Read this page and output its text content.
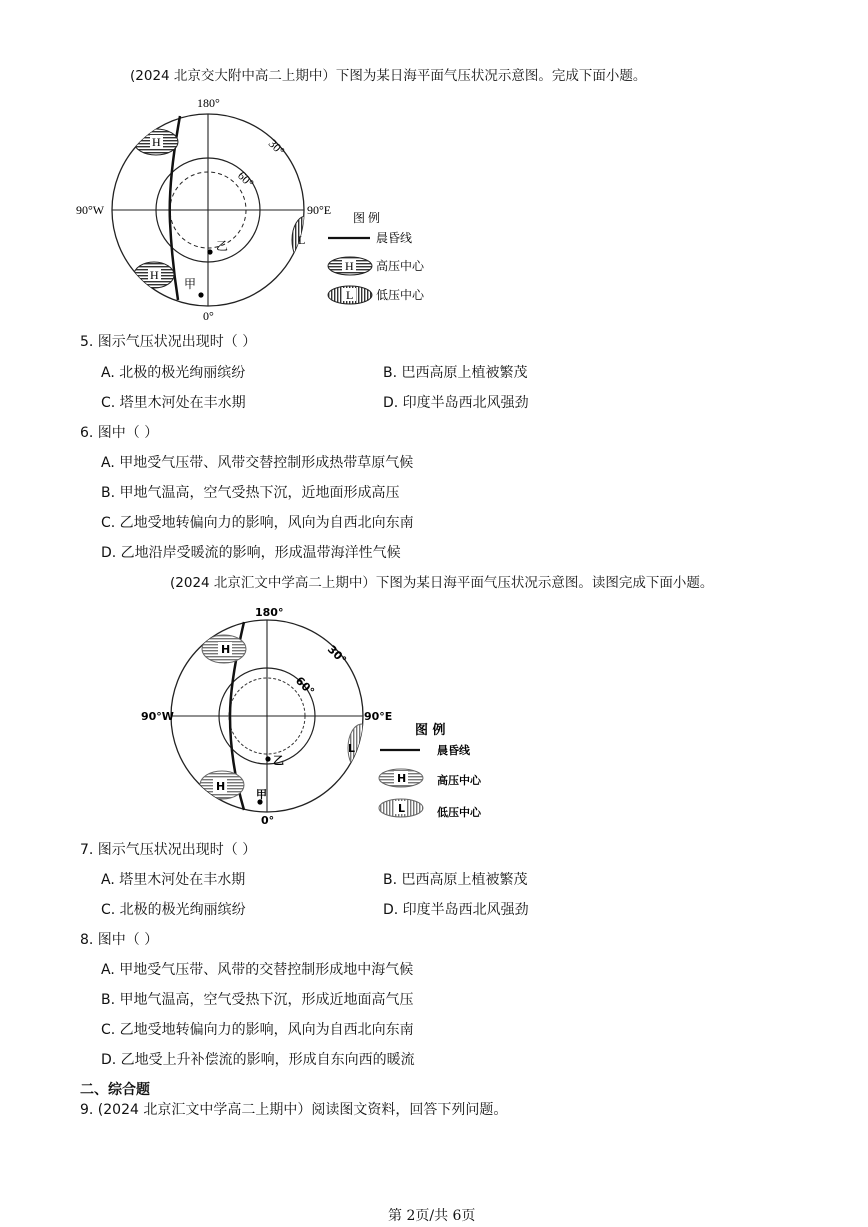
(2024 北京交大附中高二上期中）下图为某日海平面气压状况示意图。完成下面小题。
H
H
L
乙
甲
180°
90°W	90°E
0°
30°
60°
图 例
晨昏线
H 高压中心
L 低压中心
5. 图示气压状况出现时（ ）
A. 北极的极光绚丽缤纷	B. 巴西高原上植被繁茂
C. 塔里木河处在丰水期	D. 印度半岛西北风强劲
6. 图中（ ）
A. 甲地受气压带、风带交替控制形成热带草原气候
B. 甲地气温高，空气受热下沉，近地面形成高压
C. 乙地受地转偏向力的影响，风向为自西北向东南
D. 乙地沿岸受暖流的影响，形成温带海洋性气候
(2024 北京汇文中学高二上期中）下图为某日海平面气压状况示意图。读图完成下面小题。
H
H
L
乙
甲
180°
90°W	90°E
0°
30°
60°
图 例
晨昏线
H	高压中心
L	低压中心
7. 图示气压状况出现时（ ）
A. 塔里木河处在丰水期	B. 巴西高原上植被繁茂
C. 北极的极光绚丽缤纷	D. 印度半岛西北风强劲
8. 图中（ ）
A. 甲地受气压带、风带的交替控制形成地中海气候
B. 甲地气温高，空气受热下沉，形成近地面高气压
C. 乙地受地转偏向力的影响，风向为自西北向东南
D. 乙地受上升补偿流的影响，形成自东向西的暖流
二、综合题
9. (2024 北京汇文中学高二上期中）阅读图文资料，回答下列问题。
第 2页/共 6页
